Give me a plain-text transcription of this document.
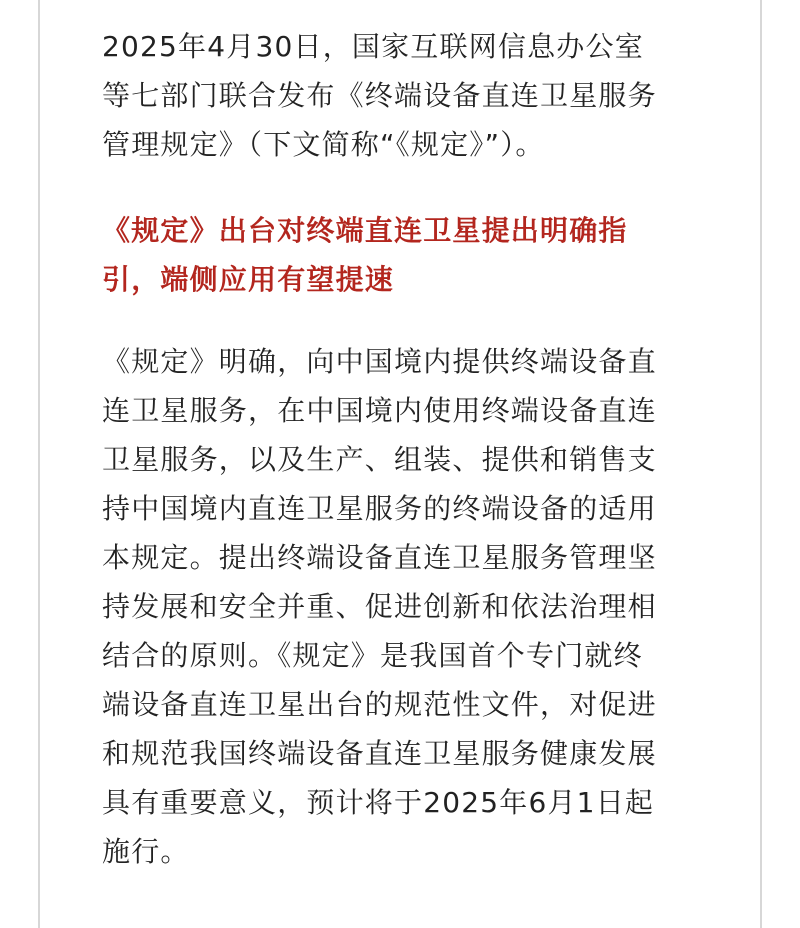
2025年4月30日，国家互联网信息办公室
等七部门联合发布《终端设备直连卫星服务
管理规定》（下文简称“《规定》”）。

《规定》出台对终端直连卫星提出明确指
引，端侧应用有望提速

《规定》明确，向中国境内提供终端设备直
连卫星服务，在中国境内使用终端设备直连
卫星服务，以及生产、组装、提供和销售支
持中国境内直连卫星服务的终端设备的适用
本规定。提出终端设备直连卫星服务管理坚
持发展和安全并重、促进创新和依法治理相
结合的原则。《规定》是我国首个专门就终
端设备直连卫星出台的规范性文件，对促进
和规范我国终端设备直连卫星服务健康发展
具有重要意义，预计将于2025年6月1日起
施行。
